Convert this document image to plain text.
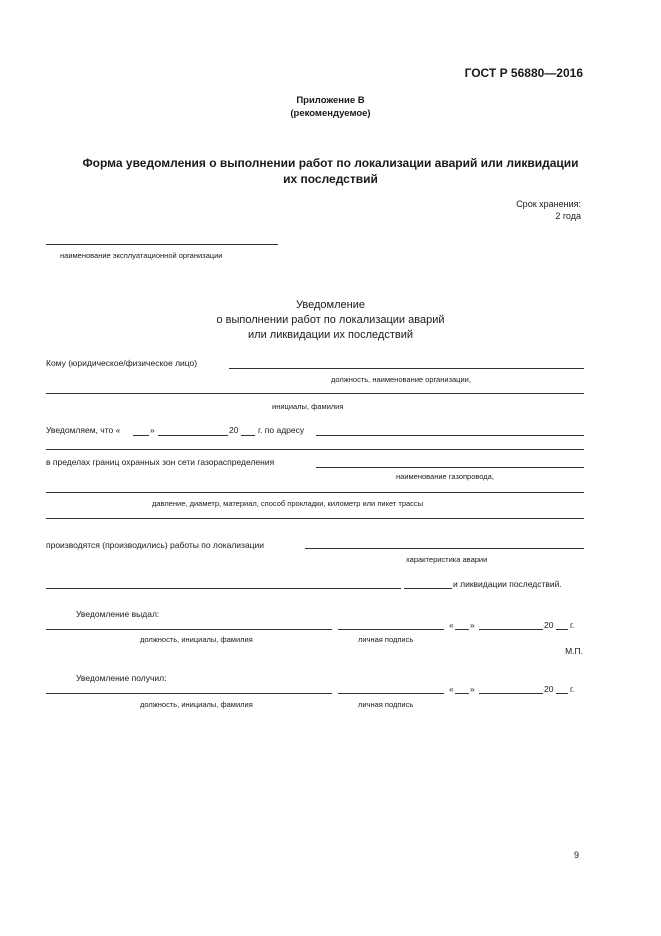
ГОСТ Р 56880—2016
Приложение В
(рекомендуемое)
Форма уведомления о выполнении работ по локализации аварий или ликвидации
их последствий
Срок хранения:
2 года
наименование эксплуатационной организации
Уведомление
о выполнении работ по локализации аварий
или ликвидации их последствий
Кому (юридическое/физическое лицо)
должность, наименование организации,
инициалы, фамилия
Уведомляем, что «	»	20 г. по адресу
в пределах границ охранных зон сети газораспределения
наименование газопровода,
давление, диаметр, материал, способ прокладки, километр или пикет трассы
производятся (производились) работы по локализации
характеристика аварии
и ликвидации последствий.
Уведомление выдал:
« »	20 г.
должность, инициалы, фамилия	личная подпись
М.П.
Уведомление получил:
« »	20 г.
должность, инициалы, фамилия	личная подпись
9
